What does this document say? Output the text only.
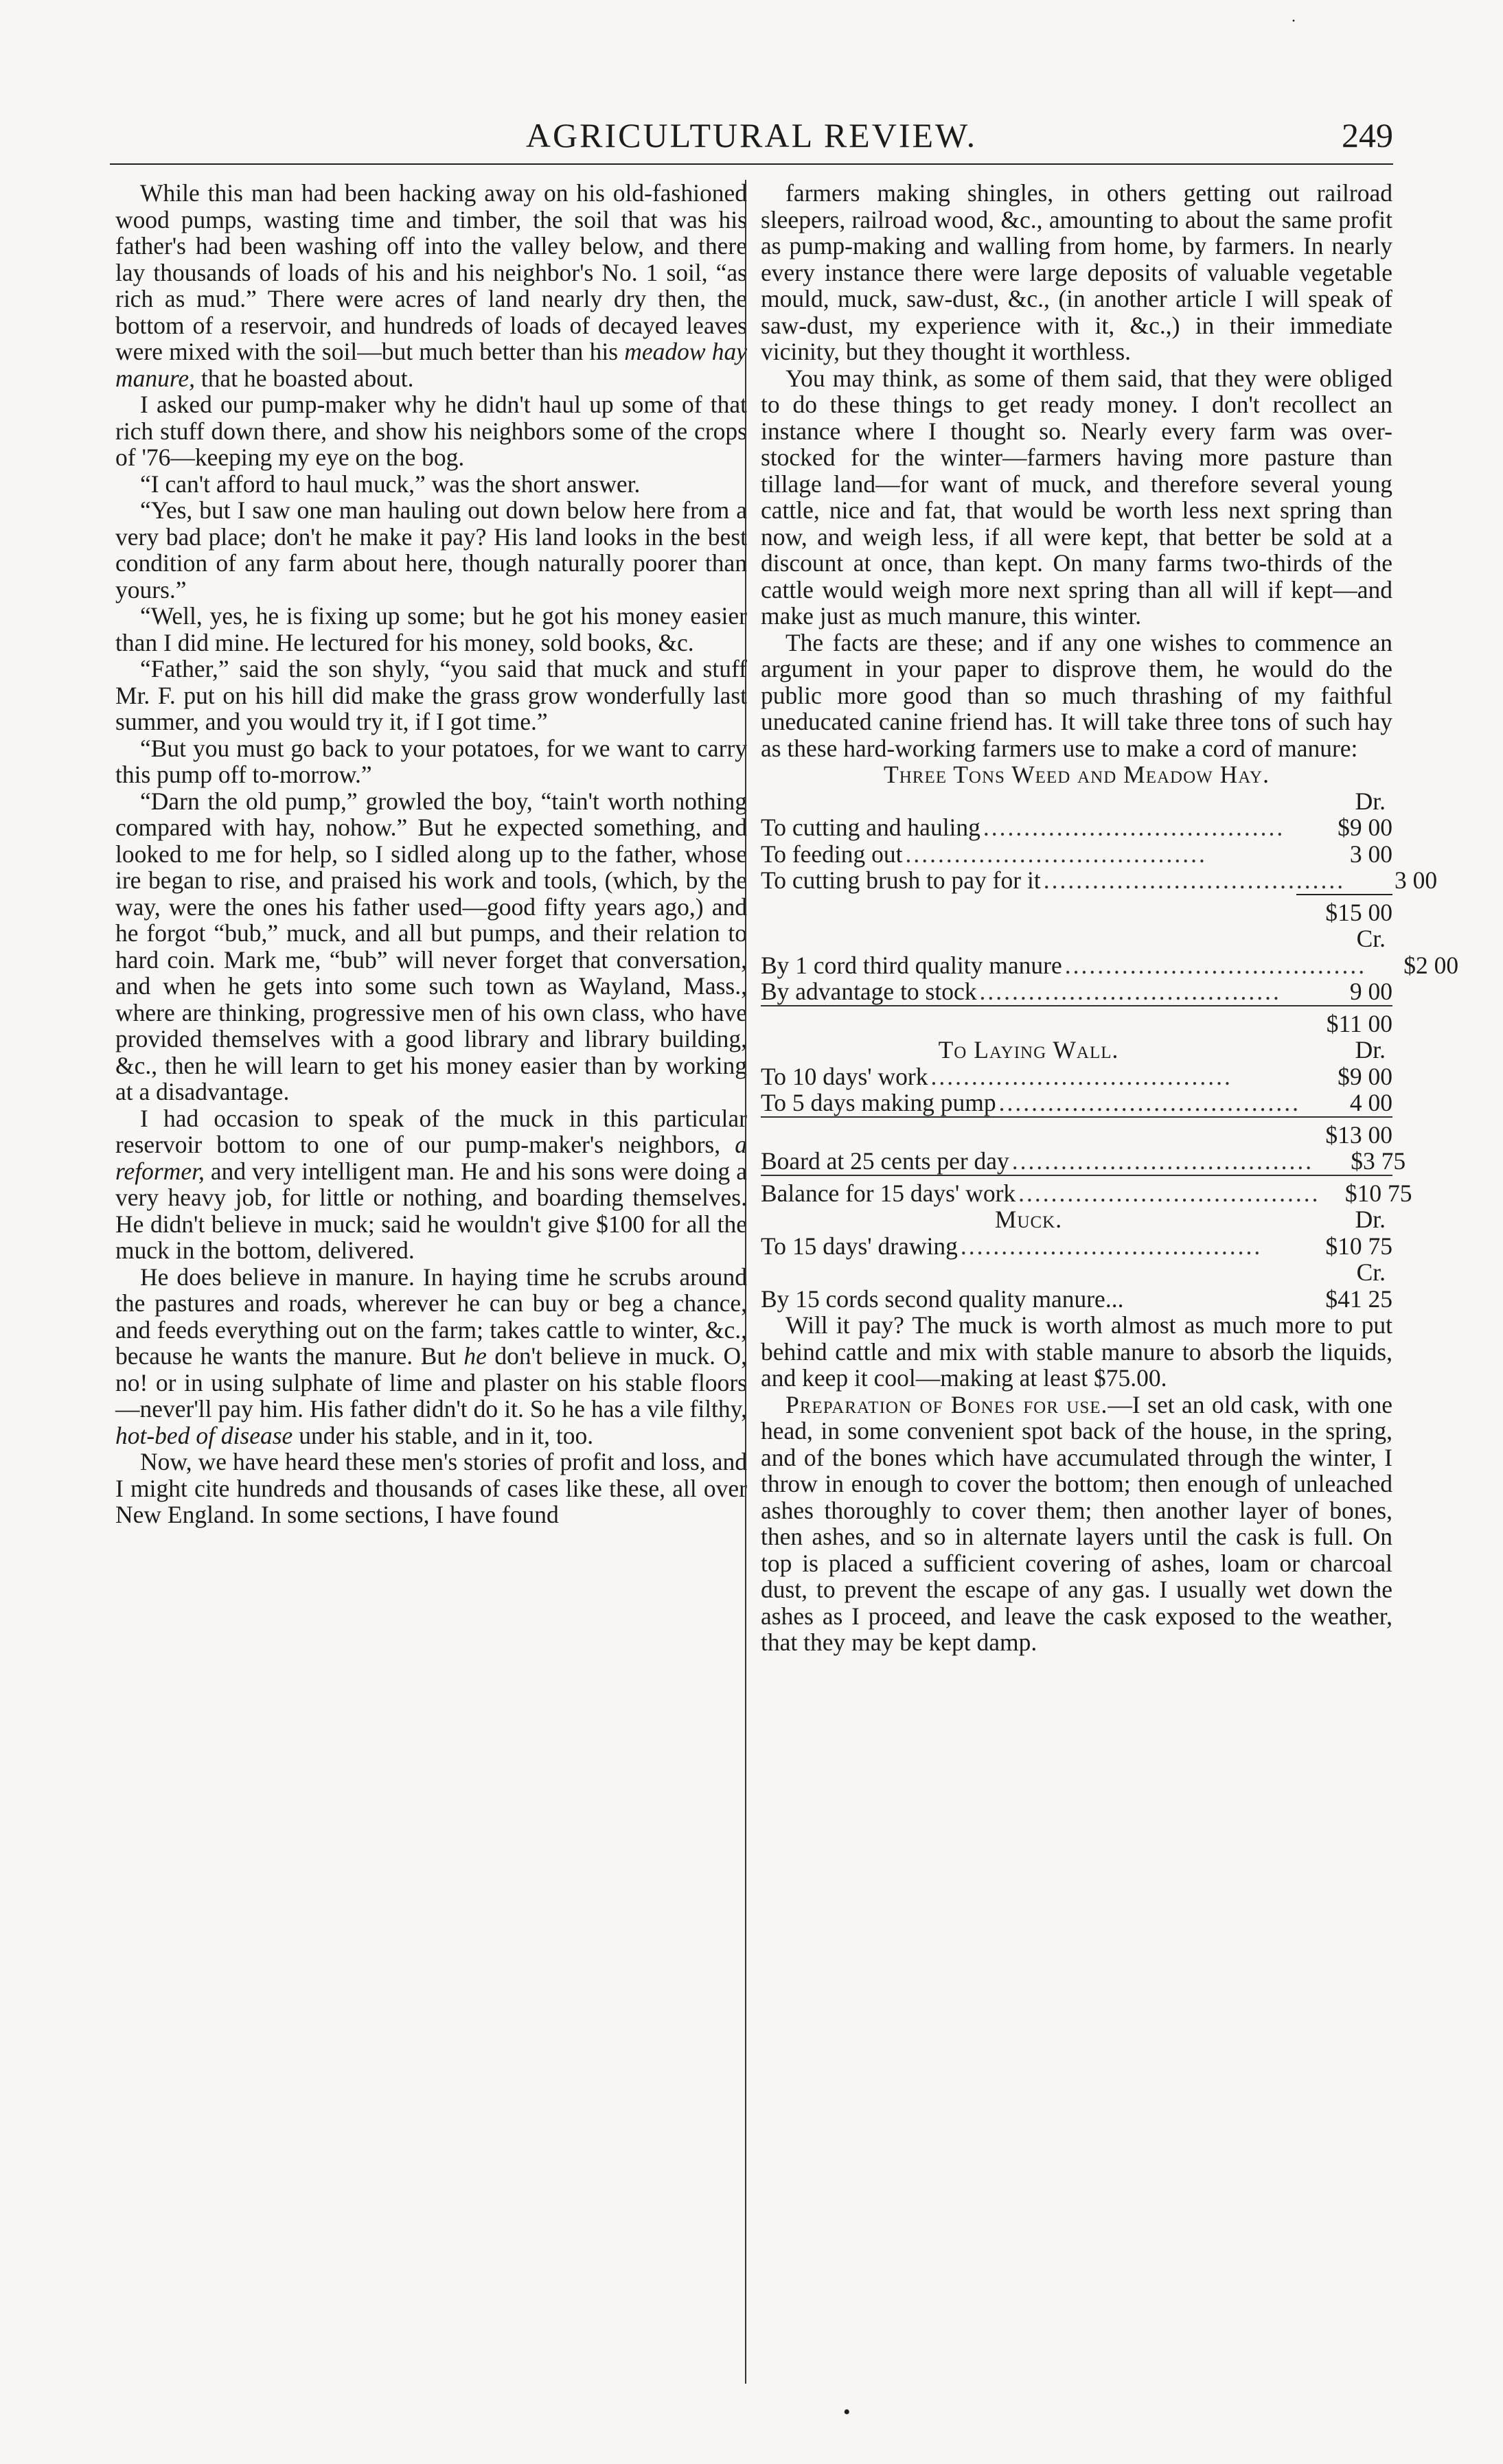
·
AGRICULTURAL REVIEW.	249

While this man had been hacking away on his old-fashioned wood pumps, wasting time and timber, the soil that was his father's had been washing off into the valley below, and there lay thousands of loads of his and his neighbor's No. 1 soil, “as rich as mud.” There were acres of land nearly dry then, the bottom of a reservoir, and hundreds of loads of decayed leaves were mixed with the soil—but much better than his meadow hay manure, that he boasted about.

I asked our pump-maker why he didn't haul up some of that rich stuff down there, and show his neighbors some of the crops of '76—keeping my eye on the bog.

“I can't afford to haul muck,” was the short answer.

“Yes, but I saw one man hauling out down below here from a very bad place; don't he make it pay? His land looks in the best condition of any farm about here, though naturally poorer than yours.”

“Well, yes, he is fixing up some; but he got his money easier than I did mine. He lectured for his money, sold books, &c.

“Father,” said the son shyly, “you said that muck and stuff Mr. F. put on his hill did make the grass grow wonderfully last summer, and you would try it, if I got time.”

“But you must go back to your potatoes, for we want to carry this pump off to-morrow.”

“Darn the old pump,” growled the boy, “tain't worth nothing compared with hay, nohow.” But he expected something, and looked to me for help, so I sidled along up to the father, whose ire began to rise, and praised his work and tools, (which, by the way, were the ones his father used—good fifty years ago,) and he forgot “bub,” muck, and all but pumps, and their relation to hard coin. Mark me, “bub” will never forget that conversation, and when he gets into some such town as Wayland, Mass., where are thinking, progressive men of his own class, who have provided themselves with a good library and library building, &c., then he will learn to get his money easier than by working at a disadvantage.

I had occasion to speak of the muck in this particular reservoir bottom to one of our pump-maker's neighbors, a reformer, and very intelligent man. He and his sons were doing a very heavy job, for little or nothing, and boarding themselves. He didn't believe in muck; said he wouldn't give $100 for all the muck in the bottom, delivered.

He does believe in manure. In haying time he scrubs around the pastures and roads, wherever he can buy or beg a chance, and feeds everything out on the farm; takes cattle to winter, &c., because he wants the manure. But he don't believe in muck. O, no! or in using sulphate of lime and plaster on his stable floors—never'll pay him. His father didn't do it. So he has a vile filthy, hot-bed of disease under his stable, and in it, too.

Now, we have heard these men's stories of profit and loss, and I might cite hundreds and thousands of cases like these, all over New England. In some sections, I have found

farmers making shingles, in others getting out railroad sleepers, railroad wood, &c., amounting to about the same profit as pump-making and walling from home, by farmers. In nearly every instance there were large deposits of valuable vegetable mould, muck, saw-dust, &c., (in another article I will speak of saw-dust, my experience with it, &c.,) in their immediate vicinity, but they thought it worthless.

You may think, as some of them said, that they were obliged to do these things to get ready money. I don't recollect an instance where I thought so. Nearly every farm was over-stocked for the winter—farmers having more pasture than tillage land—for want of muck, and therefore several young cattle, nice and fat, that would be worth less next spring than now, and weigh less, if all were kept, that better be sold at a discount at once, than kept. On many farms two-thirds of the cattle would weigh more next spring than all will if kept—and make just as much manure, this winter.

The facts are these; and if any one wishes to commence an argument in your paper to disprove them, he would do the public more good than so much thrashing of my faithful uneducated canine friend has. It will take three tons of such hay as these hard-working farmers use to make a cord of manure:

Three Tons Weed and Meadow Hay.

Dr.
To cutting and hauling .....................................	$9 00
To feeding out .....................................	3 00
To cutting brush to pay for it .....................................	3 00
$15 00
Cr.
By 1 cord third quality manure .....................................	$2 00
By advantage to stock .....................................	9 00
$11 00
To Laying Wall.	Dr.
To 10 days' work .....................................	$9 00
To 5 days making pump .....................................	4 00
$13 00
Board at 25 cents per day .....................................	$3 75
Balance for 15 days' work .....................................	$10 75
Muck.	Dr.
To 15 days' drawing .....................................	$10 75
Cr.
By 15 cords second quality manure...	$41 25

Will it pay? The muck is worth almost as much more to put behind cattle and mix with stable manure to absorb the liquids, and keep it cool—making at least $75.00.

Preparation of Bones for use.—I set an old cask, with one head, in some convenient spot back of the house, in the spring, and of the bones which have accumulated through the winter, I throw in enough to cover the bottom; then enough of unleached ashes thoroughly to cover them; then another layer of bones, then ashes, and so in alternate layers until the cask is full. On top is placed a sufficient covering of ashes, loam or charcoal dust, to prevent the escape of any gas. I usually wet down the ashes as I proceed, and leave the cask exposed to the weather, that they may be kept damp.

•
